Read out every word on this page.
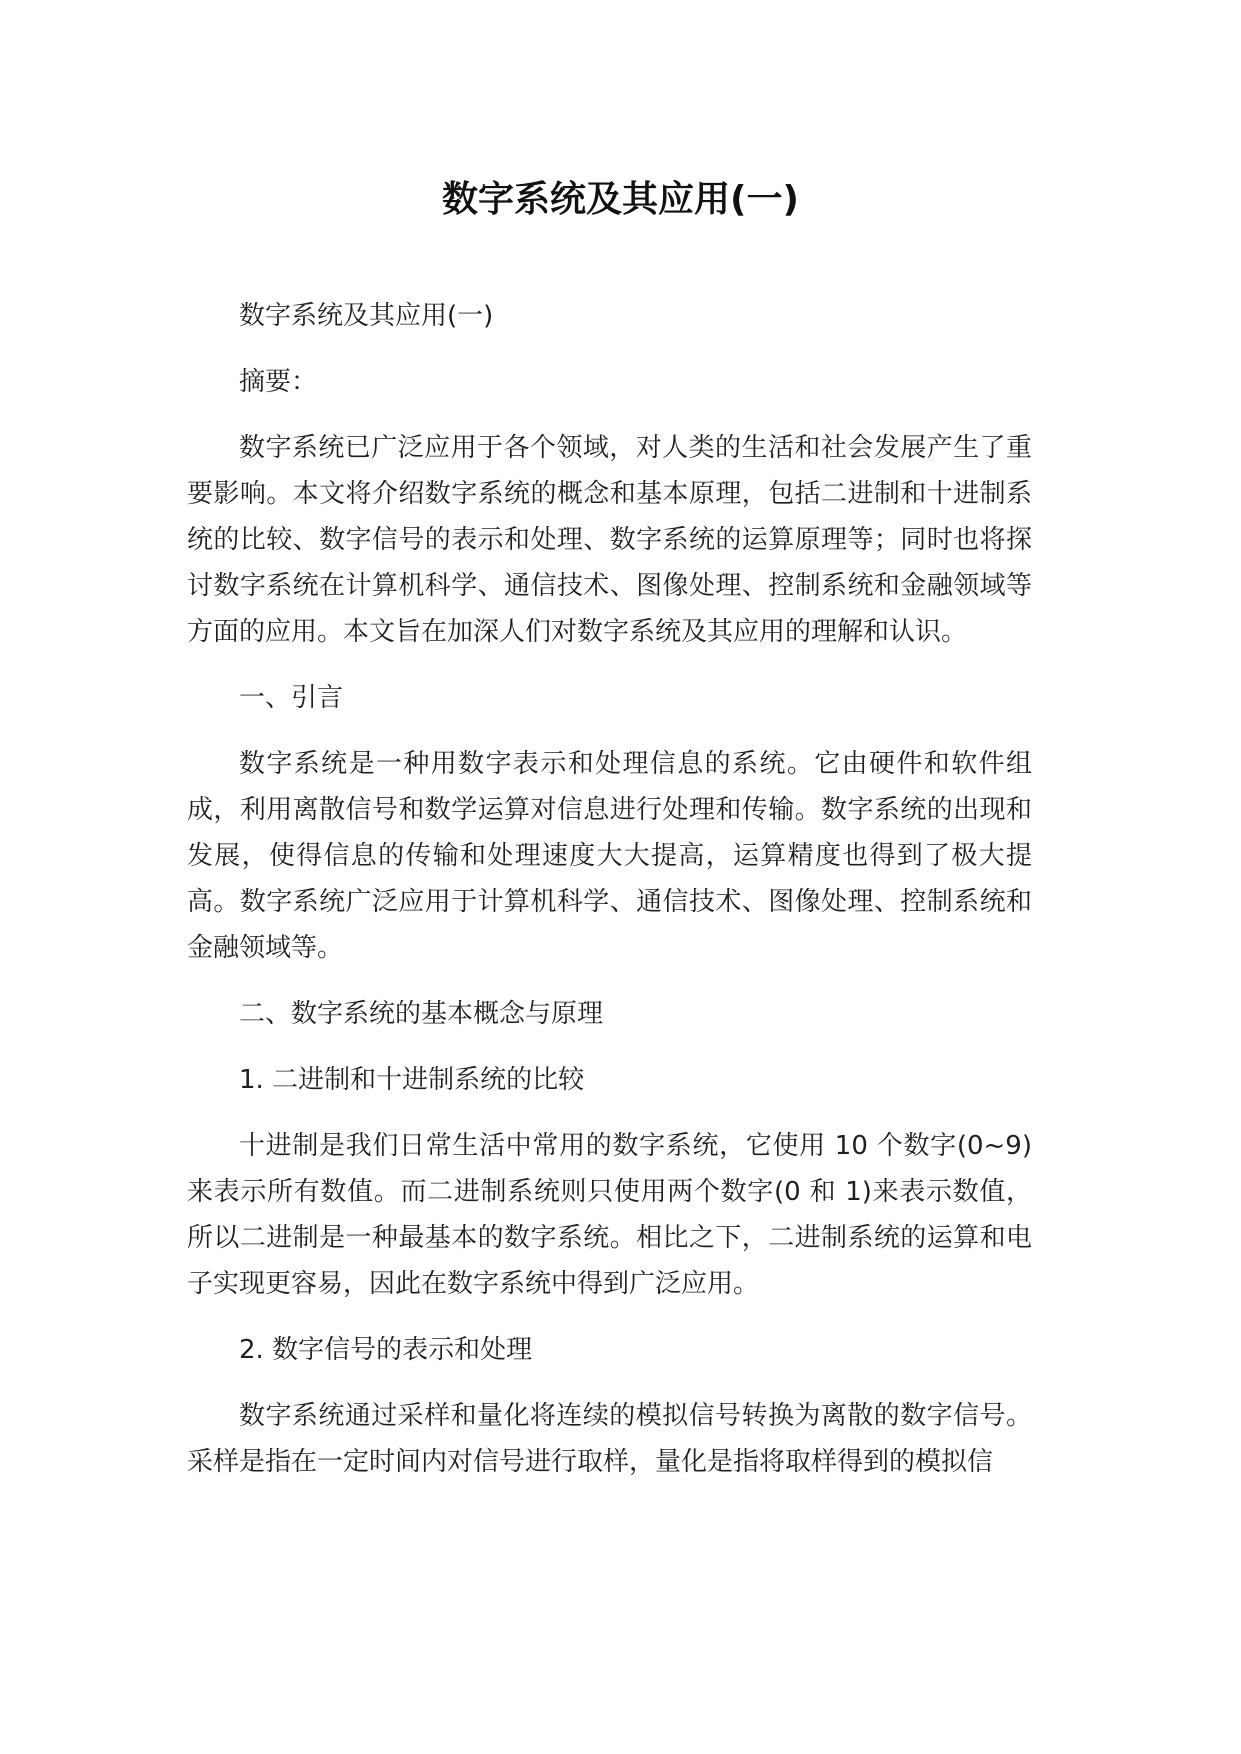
数字系统及其应用(一)

数字系统及其应用(一)

摘要：

数字系统已广泛应用于各个领域，对人类的生活和社会发展产生了重要影响。本文将介绍数字系统的概念和基本原理，包括二进制和十进制系统的比较、数字信号的表示和处理、数字系统的运算原理等；同时也将探讨数字系统在计算机科学、通信技术、图像处理、控制系统和金融领域等方面的应用。本文旨在加深人们对数字系统及其应用的理解和认识。

一、引言

数字系统是一种用数字表示和处理信息的系统。它由硬件和软件组成，利用离散信号和数学运算对信息进行处理和传输。数字系统的出现和发展，使得信息的传输和处理速度大大提高，运算精度也得到了极大提高。数字系统广泛应用于计算机科学、通信技术、图像处理、控制系统和金融领域等。

二、数字系统的基本概念与原理

1. 二进制和十进制系统的比较

十进制是我们日常生活中常用的数字系统，它使用 10 个数字(0~9)来表示所有数值。而二进制系统则只使用两个数字(0 和 1)来表示数值，所以二进制是一种最基本的数字系统。相比之下，二进制系统的运算和电子实现更容易，因此在数字系统中得到广泛应用。

2. 数字信号的表示和处理

数字系统通过采样和量化将连续的模拟信号转换为离散的数字信号。采样是指在一定时间内对信号进行取样，量化是指将取样得到的模拟信
